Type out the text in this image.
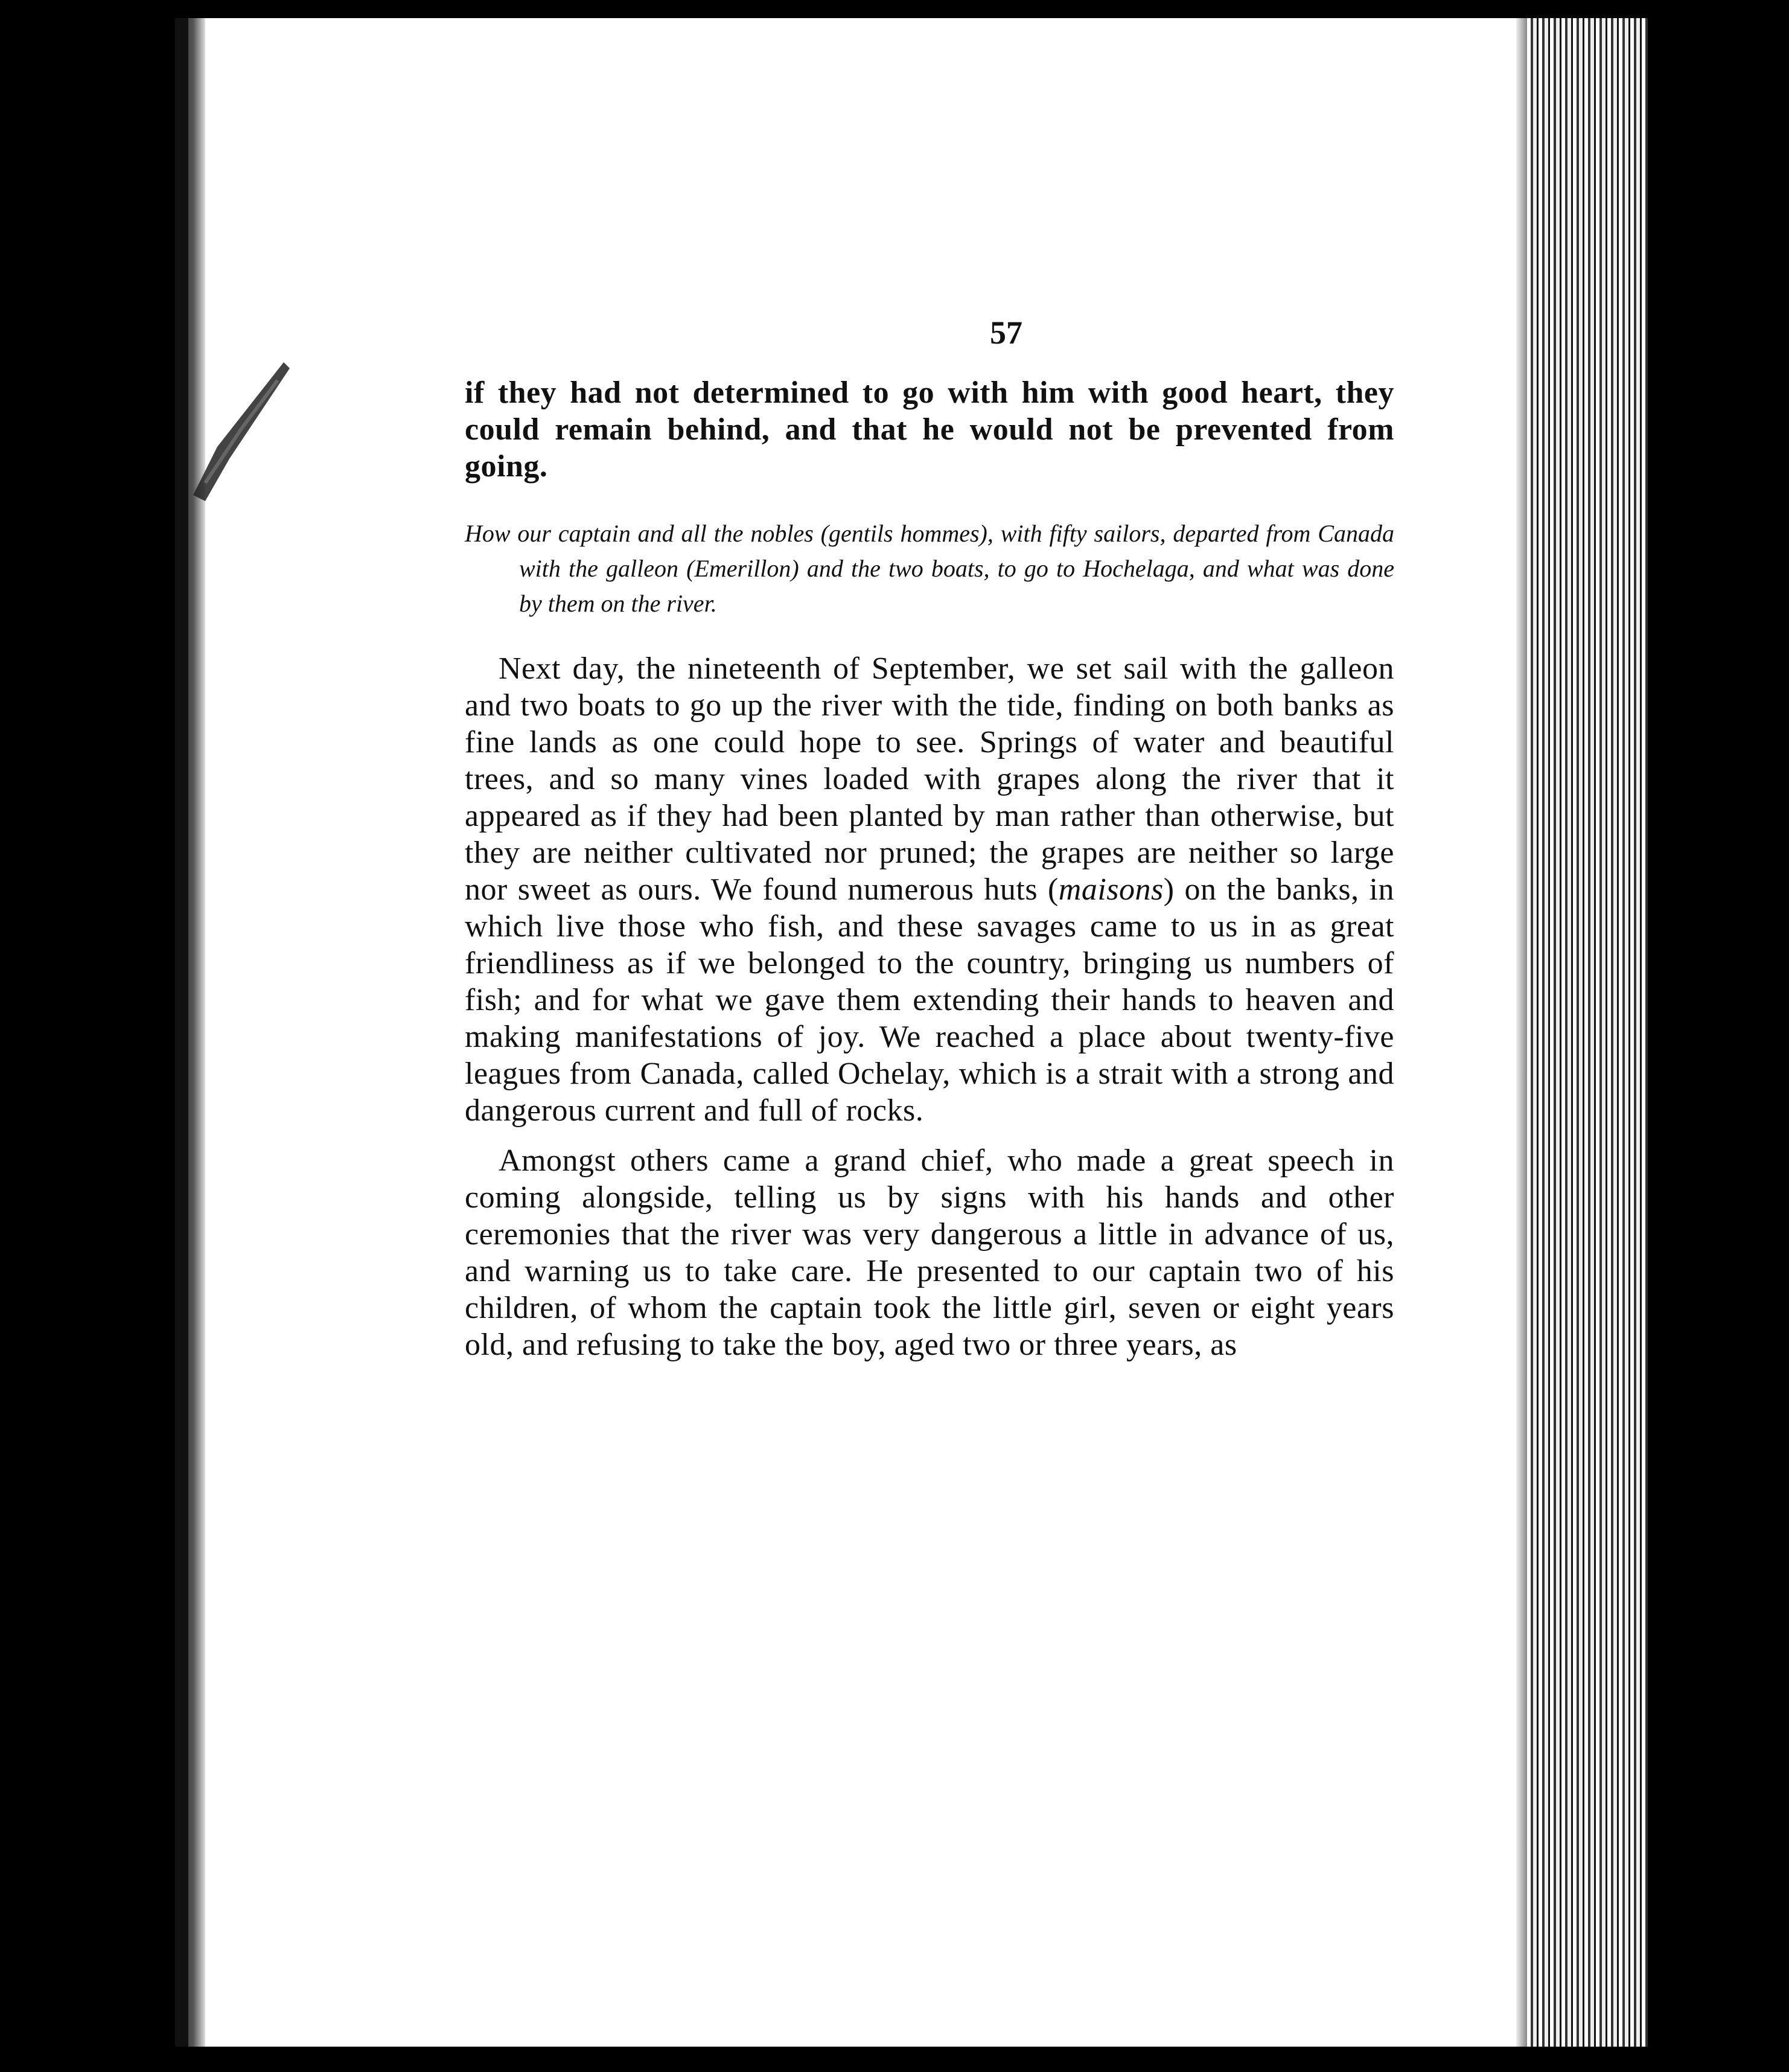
57

if they had not determined to go with him with good heart, they could remain behind, and that he would not be prevented from going.

How our captain and all the nobles (gentils hommes), with fifty sailors, departed from Canada with the galleon (Emerillon) and the two boats, to go to Hochelaga, and what was done by them on the river.

Next day, the nineteenth of September, we set sail with the galleon and two boats to go up the river with the tide, finding on both banks as fine lands as one could hope to see. Springs of water and beautiful trees, and so many vines loaded with grapes along the river that it appeared as if they had been planted by man rather than otherwise, but they are neither cultivated nor pruned; the grapes are neither so large nor sweet as ours. We found numerous huts (maisons) on the banks, in which live those who fish, and these savages came to us in as great friendliness as if we belonged to the country, bringing us numbers of fish; and for what we gave them extending their hands to heaven and making manifestations of joy. We reached a place about twenty-five leagues from Canada, called Ochelay, which is a strait with a strong and dangerous current and full of rocks.

Amongst others came a grand chief, who made a great speech in coming alongside, telling us by signs with his hands and other ceremonies that the river was very dangerous a little in advance of us, and warning us to take care. He presented to our captain two of his children, of whom the captain took the little girl, seven or eight years old, and refusing to take the boy, aged two or three years, as
